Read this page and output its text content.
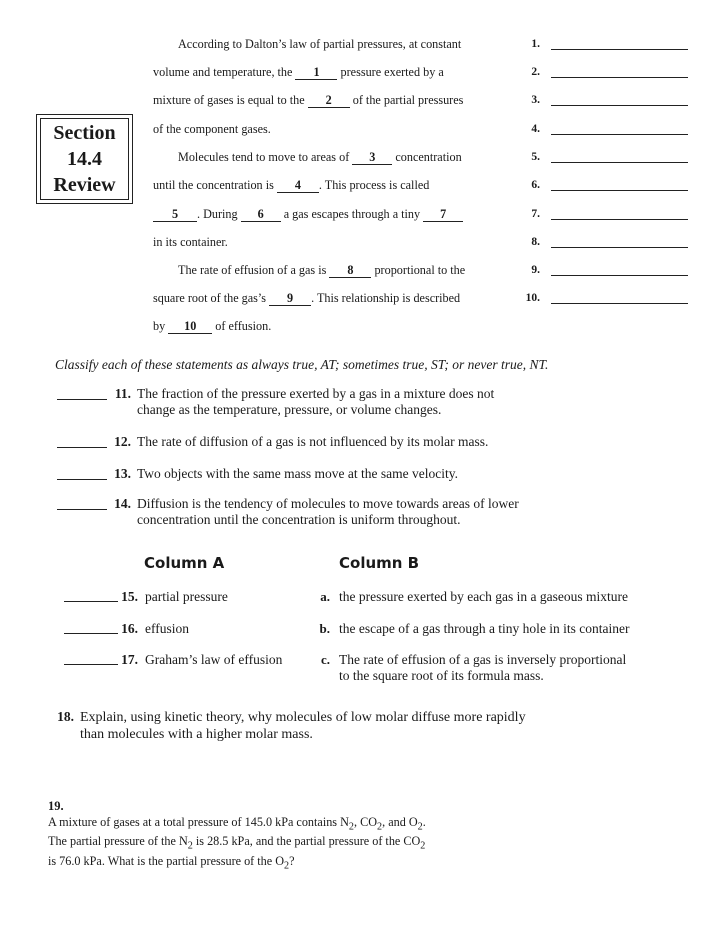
Section
14.4
Review
According to Dalton’s law of partial pressures, at constant
volume and temperature, the 1 pressure exerted by a
mixture of gases is equal to the 2 of the partial pressures
of the component gases.
Molecules tend to move to areas of 3 concentration
until the concentration is 4 . This process is called
5 . During 6 a gas escapes through a tiny 7
in its container.
The rate of effusion of a gas is 8 proportional to the
square root of the gas’s 9 . This relationship is described
by 10 of effusion.
1.
2.
3.
4.
5.
6.
7.
8.
9.
10.
Classify each of these statements as always true, AT; sometimes true, ST; or never true, NT.
11. The fraction of the pressure exerted by a gas in a mixture does not
change as the temperature, pressure, or volume changes.
12. The rate of diffusion of a gas is not influenced by its molar mass.
13. Two objects with the same mass move at the same velocity.
14. Diffusion is the tendency of molecules to move towards areas of lower
concentration until the concentration is uniform throughout.
Column A	Column B
15. partial pressure	a. the pressure exerted by each gas in a gaseous mixture
16. effusion	b. the escape of a gas through a tiny hole in its container
17. Graham’s law of effusion	c. The rate of effusion of a gas is inversely proportional
to the square root of its formula mass.
18. Explain, using kinetic theory, why molecules of low molar diffuse more rapidly
than molecules with a higher molar mass.
19.
A mixture of gases at a total pressure of 145.0 kPa contains $N_2$, $CO_2$, and $O_2$.
The partial pressure of the $N_2$ is 28.5 kPa, and the partial pressure of the $CO_2$
is 76.0 kPa. What is the partial pressure of the $O_2$?
